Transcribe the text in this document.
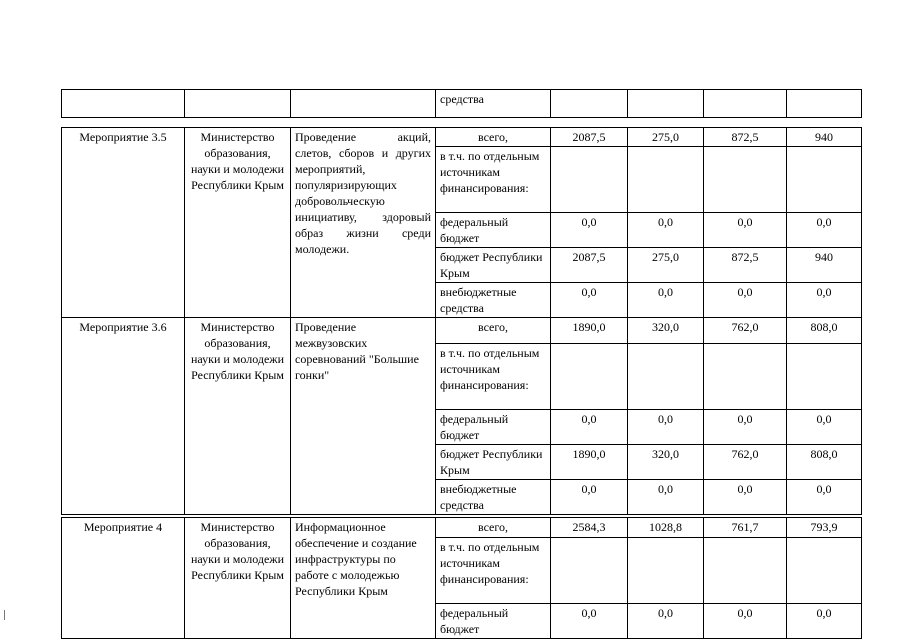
			средства				
Мероприятие 3.5	Министерство образования, науки и молодежи Республики Крым	Проведение акций, слетов, сборов и других мероприятий, популяризирующих добровольческую инициативу, здоровый образ жизни среди молодежи.	всего,	2087,5	275,0	872,5	940
			в т.ч. по отдельным источникам финансирования:				
			федеральный бюджет	0,0	0,0	0,0	0,0
			бюджет Республики Крым	2087,5	275,0	872,5	940
			внебюджетные средства	0,0	0,0	0,0	0,0
Мероприятие 3.6	Министерство образования, науки и молодежи Республики Крым	Проведение межвузовских соревнований "Большие гонки"	всего,	1890,0	320,0	762,0	808,0
			в т.ч. по отдельным источникам финансирования:				
			федеральный бюджет	0,0	0,0	0,0	0,0
			бюджет Республики Крым	1890,0	320,0	762,0	808,0
			внебюджетные средства	0,0	0,0	0,0	0,0
Мероприятие 4	Министерство образования, науки и молодежи Республики Крым	Информационное обеспечение и создание инфраструктуры по работе с молодежью Республики Крым	всего,	2584,3	1028,8	761,7	793,9
			в т.ч. по отдельным источникам финансирования:				
			федеральный бюджет	0,0	0,0	0,0	0,0
